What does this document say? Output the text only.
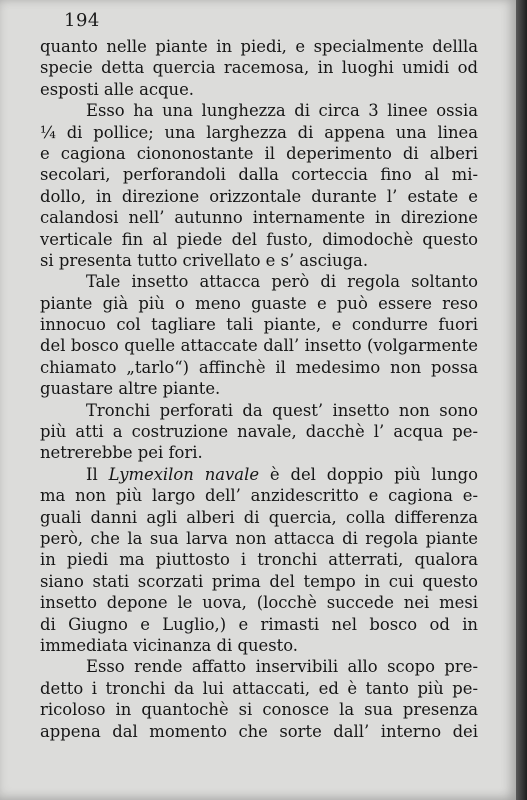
194
quanto nelle piante in piedi, e specialmente dellla
specie detta quercia racemosa, in luoghi umidi od
esposti alle acque.
Esso ha una lunghezza di circa 3 linee ossia
¼ di pollice; una larghezza di appena una linea
e cagiona ciononostante il deperimento di alberi
secolari, perforandoli dalla corteccia fino al mi-
dollo, in direzione orizzontale durante l’ estate e
calandosi nell’ autunno internamente in direzione
verticale fin al piede del fusto, dimodochè questo
si presenta tutto crivellato e s’ asciuga.
Tale insetto attacca però di regola soltanto
piante già più o meno guaste e può essere reso
innocuo col tagliare tali piante, e condurre fuori
del bosco quelle attaccate dall’ insetto (volgarmente
chiamato „tarlo“) affinchè il medesimo non possa
guastare altre piante.
Tronchi perforati da quest’ insetto non sono
più atti a costruzione navale, dacchè l’ acqua pe-
netrerebbe pei fori.
Il Lymexilon navale è del doppio più lungo
ma non più largo dell’ anzidescritto e cagiona e-
guali danni agli alberi di quercia, colla differenza
però, che la sua larva non attacca di regola piante
in piedi ma piuttosto i tronchi atterrati, qualora
siano stati scorzati prima del tempo in cui questo
insetto depone le uova, (locchè succede nei mesi
di Giugno e Luglio,) e rimasti nel bosco od in
immediata vicinanza di questo.
Esso rende affatto inservibili allo scopo pre-
detto i tronchi da lui attaccati, ed è tanto più pe-
ricoloso in quantochè si conosce la sua presenza
appena dal momento che sorte dall’ interno dei
